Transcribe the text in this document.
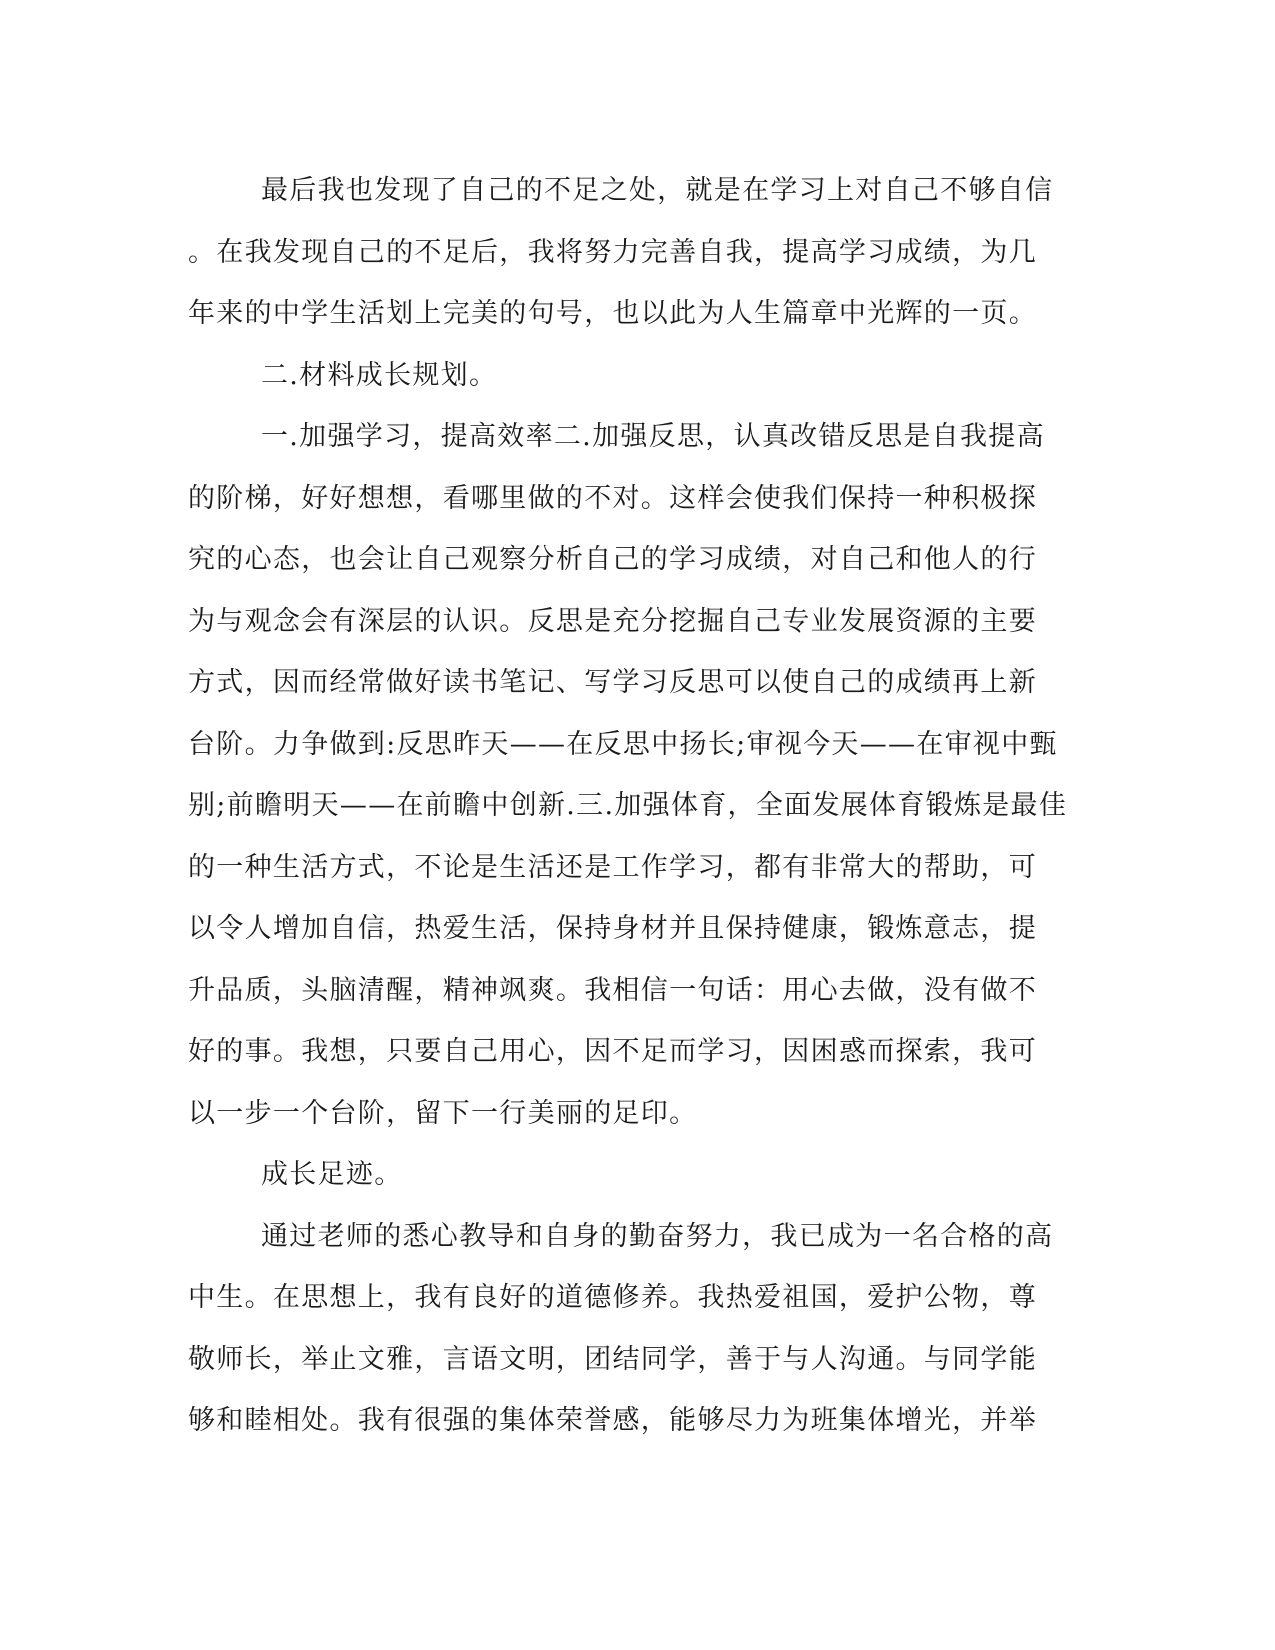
最后我也发现了自己的不足之处，就是在学习上对自己不够自信
。在我发现自己的不足后，我将努力完善自我，提高学习成绩，为几
年来的中学生活划上完美的句号，也以此为人生篇章中光辉的一页。
二.材料成长规划。
一.加强学习，提高效率二.加强反思，认真改错反思是自我提高
的阶梯，好好想想，看哪里做的不对。这样会使我们保持一种积极探
究的心态，也会让自己观察分析自己的学习成绩，对自己和他人的行
为与观念会有深层的认识。反思是充分挖掘自己专业发展资源的主要
方式，因而经常做好读书笔记、写学习反思可以使自己的成绩再上新
台阶。力争做到:反思昨天——在反思中扬长;审视今天——在审视中甄
别;前瞻明天——在前瞻中创新.三.加强体育，全面发展体育锻炼是最佳
的一种生活方式，不论是生活还是工作学习，都有非常大的帮助，可
以令人增加自信，热爱生活，保持身材并且保持健康，锻炼意志，提
升品质，头脑清醒，精神飒爽。我相信一句话：用心去做，没有做不
好的事。我想，只要自己用心，因不足而学习，因困惑而探索，我可
以一步一个台阶，留下一行美丽的足印。
成长足迹。
通过老师的悉心教导和自身的勤奋努力，我已成为一名合格的高
中生。在思想上，我有良好的道德修养。我热爱祖国，爱护公物，尊
敬师长，举止文雅，言语文明，团结同学，善于与人沟通。与同学能
够和睦相处。我有很强的集体荣誉感，能够尽力为班集体增光，并举
